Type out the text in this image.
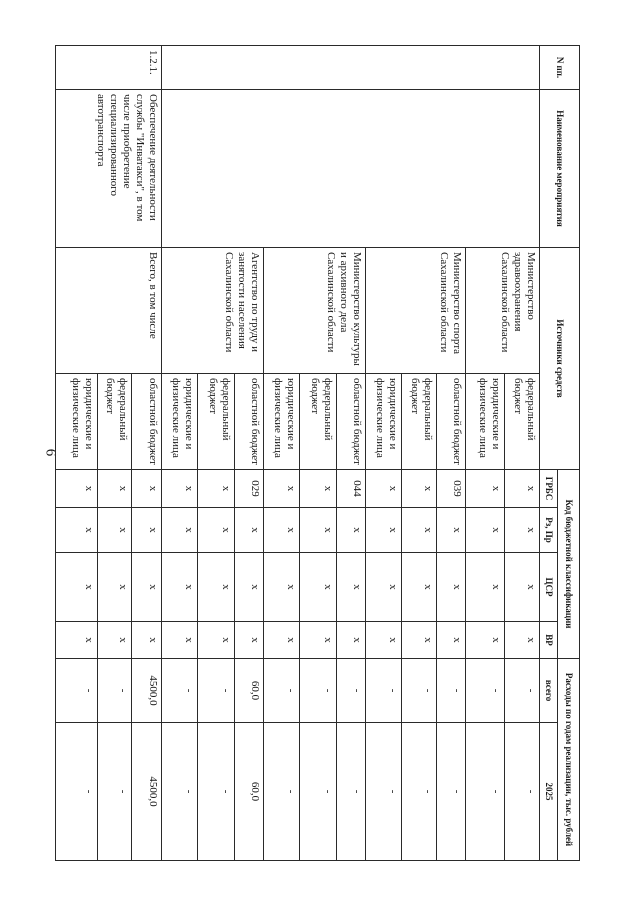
6
N пп.	Наименование мероприятия	Источники средств		Код бюджетной классификации				Расходы по годам реализации, тыс. рублей	
				ГРБС	Рз, Пр	ЦСР	ВР	всего	2025
		Министерство здравоохранения Сахалинской области	федеральный бюджет	х	х	х	х	-	-
			юридические и физические лица	х	х	х	х	-	-
		Министерство спорта Сахалинской области	областной бюджет	039	х	х	х	-	-
			федеральный бюджет	х	х	х	х	-	-
			юридические и физические лица	х	х	х	х	-	-
		Министерство культуры и архивного дела Сахалинской области	областной бюджет	044	х	х	х	-	-
			федеральный бюджет	х	х	х	х	-	-
			юридические и физические лица	х	х	х	х	-	-
		Агентство по труду и занятости населения Сахалинской области	областной бюджет	029	х	х	х	60,0	60,0
			федеральный бюджет	х	х	х	х	-	-
			юридические и физические лица	х	х	х	х	-	-
1.2.1.	Обеспечение деятельности службы "Инватакси", в том числе приобретение специализированного автотранспорта	Всего, в том числе	областной бюджет	х	х	х	х	4500,0	4500,0
			федеральный бюджет	х	х	х	х	-	-
			юридические и физические лица	х	х	х	х	-	-
